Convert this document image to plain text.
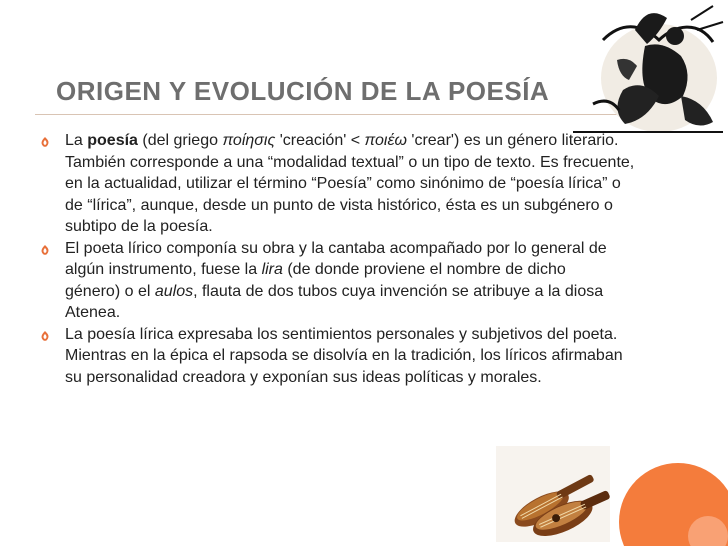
ORIGEN Y EVOLUCIÓN DE LA POESÍA
La poesía (del griego ποίησις 'creación' < ποιέω 'crear') es un género literario. También corresponde a una “modalidad textual” o un tipo de texto. Es frecuente, en la actualidad, utilizar el término “Poesía” como sinónimo de “poesía lírica” o de “lírica”, aunque, desde un punto de vista histórico, ésta es un subgénero o subtipo de la poesía.
El poeta lírico componía su obra y la cantaba acompañado por lo general de algún instrumento, fuese la lira (de donde proviene el nombre de dicho género) o el aulos, flauta de dos tubos cuya invención se atribuye a la diosa Atenea.
La poesía lírica expresaba los sentimientos personales y subjetivos del poeta. Mientras en la épica el rapsoda se disolvía en la tradición, los líricos afirmaban su personalidad creadora y exponían sus ideas políticas y morales.
